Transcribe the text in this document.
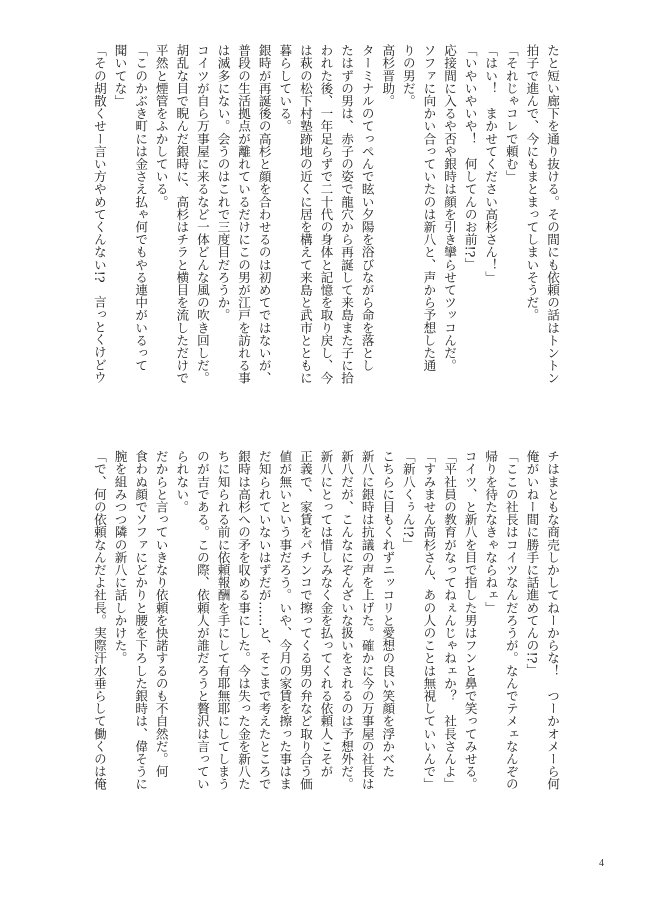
たと短い廊下を通り抜ける。その間にも依頼の話はトントン

拍子で進んで、今にもまとまってしまいそうだ。

「それじゃコレで頼む」

「はい！　まかせてください高杉さん！」

「いやいやいや！　何してんのお前!?」

応接間に入るや否や銀時は顔を引き攣らせてツッコんだ。

ソファに向かい合っていたのは新八と、声から予想した通

りの男だ。

高杉晋助。

ターミナルのてっぺんで眩い夕陽を浴びながら命を落とし

たはずの男は、赤子の姿で龍穴から再誕して来島また子に拾

われた後、一年足らずで二十代の身体と記憶を取り戻し、今

は萩の松下村塾跡地の近くに居を構えて来島と武市とともに

暮らしている。

銀時が再誕後の高杉と顔を合わせるのは初めてではないが、

普段の生活拠点が離れているだけにこの男が江戸を訪れる事

は滅多にない。会うのはこれで三度目だろうか。

コイツが自ら万事屋に来るなど一体どんな風の吹き回しだ。

胡乱な目で睨んだ銀時に、高杉はチラと横目を流しただけで

平然と煙管をふかしている。

「このかぶき町には金さえ払ゃ何でもやる連中がいるって

聞いてな」

「その胡散くせー言い方やめてくんない!?　言っとくけどウ

チはまともな商売しかしてねーからな！　つーかオメーら何

俺がいねー間に勝手に話進めてんの!?」

「ここの社長はコイツなんだろうが。なんでテメェなんぞの

帰りを待たなきゃならねェ」

コイツ、と新八を目で指した男はフンと鼻で笑ってみせる。

「平社員の教育がなってねぇんじゃねェか？　社長さんよ」

「すみません高杉さん、あの人のことは無視していいんで」

「新八くぅん!?」

こちらに目もくれずニッコリと愛想の良い笑顔を浮かべた

新八に銀時は抗議の声を上げた。確かに今の万事屋の社長は

新八だが、こんなにぞんざいな扱いをされるのは予想外だ。

新八にとっては惜しみなく金を払ってくれる依頼人こそが

正義で、家賃をパチンコで擦ってくる男の弁など取り合う価

値が無いという事だろう。いや、今月の家賃を擦った事はま

だ知られていないはずだが……と、そこまで考えたところで

銀時は高杉への矛を収める事にした。今は失った金を新八た

ちに知られる前に依頼報酬を手にして有耶無耶にしてしまう

のが吉である。この際、依頼人が誰だろうと贅沢は言ってい

られない。

だからと言っていきなり依頼を快諾するのも不自然だ。何

食わぬ顔でソファにどかりと腰を下ろした銀時は、偉そうに

腕を組みつつ隣の新八に話しかけた。

「で、何の依頼なんだよ社長。実際汗水垂らして働くのは俺

4
